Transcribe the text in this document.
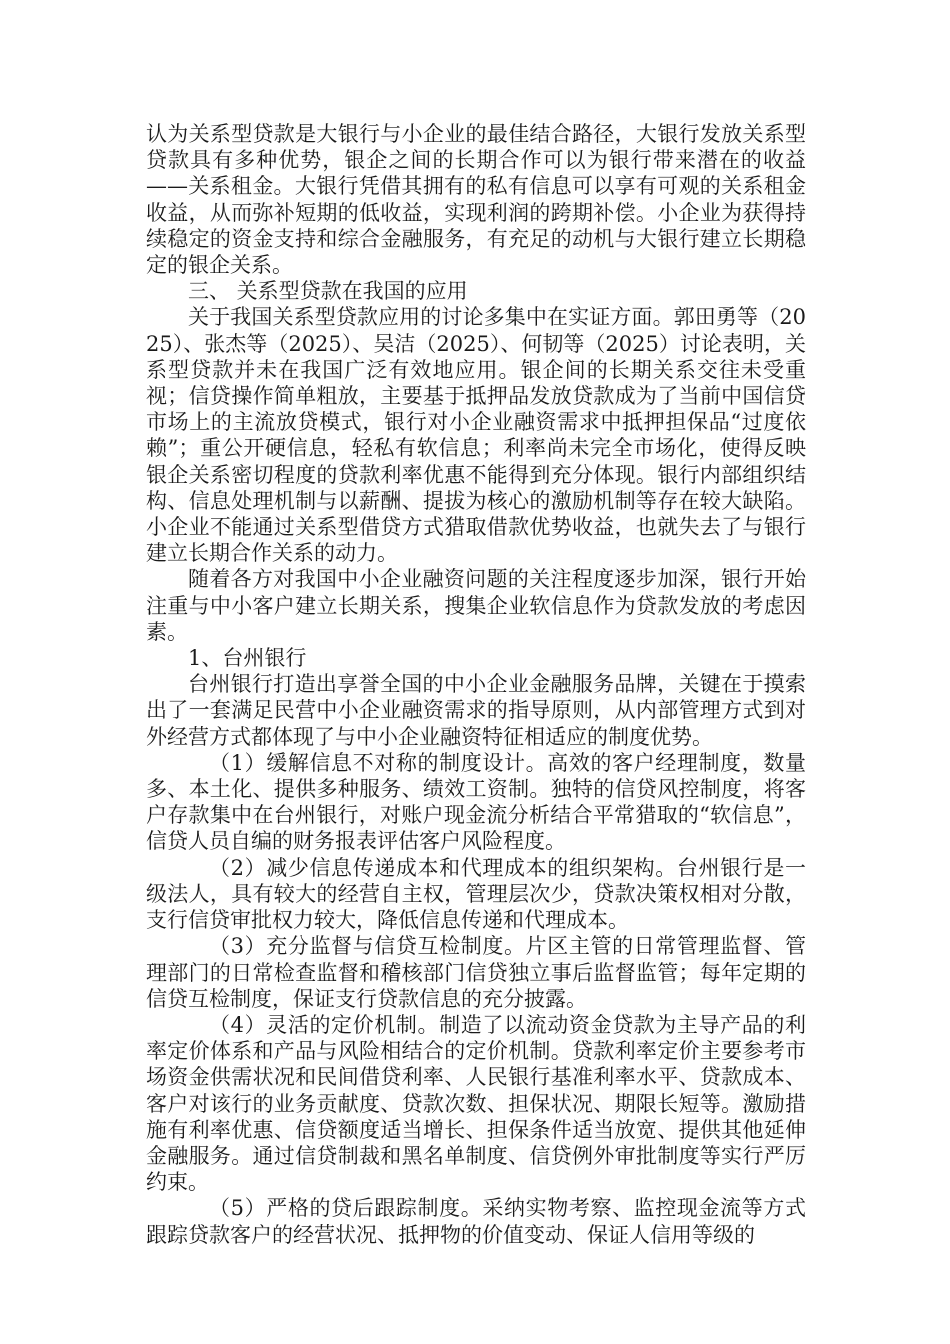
认为关系型贷款是大银行与小企业的最佳结合路径，大银行发放关系型贷款具有多种优势，银企之间的长期合作可以为银行带来潜在的收益——关系租金。大银行凭借其拥有的私有信息可以享有可观的关系租金收益，从而弥补短期的低收益，实现利润的跨期补偿。小企业为获得持续稳定的资金支持和综合金融服务，有充足的动机与大银行建立长期稳定的银企关系。

三、 关系型贷款在我国的应用

关于我国关系型贷款应用的讨论多集中在实证方面。郭田勇等（2025）、张杰等（2025）、吴洁（2025）、何韧等（2025）讨论表明，关系型贷款并未在我国广泛有效地应用。银企间的长期关系交往未受重视；信贷操作简单粗放，主要基于抵押品发放贷款成为了当前中国信贷市场上的主流放贷模式，银行对小企业融资需求中抵押担保品“过度依赖”；重公开硬信息，轻私有软信息；利率尚未完全市场化，使得反映银企关系密切程度的贷款利率优惠不能得到充分体现。银行内部组织结构、信息处理机制与以薪酬、提拔为核心的激励机制等存在较大缺陷。小企业不能通过关系型借贷方式猎取借款优势收益，也就失去了与银行建立长期合作关系的动力。

随着各方对我国中小企业融资问题的关注程度逐步加深，银行开始注重与中小客户建立长期关系，搜集企业软信息作为贷款发放的考虑因素。

1、台州银行

台州银行打造出享誉全国的中小企业金融服务品牌，关键在于摸索出了一套满足民营中小企业融资需求的指导原则，从内部管理方式到对外经营方式都体现了与中小企业融资特征相适应的制度优势。

（1）缓解信息不对称的制度设计。高效的客户经理制度，数量多、本土化、提供多种服务、绩效工资制。独特的信贷风控制度，将客户存款集中在台州银行，对账户现金流分析结合平常猎取的“软信息”，信贷人员自编的财务报表评估客户风险程度。

（2）减少信息传递成本和代理成本的组织架构。台州银行是一级法人，具有较大的经营自主权，管理层次少，贷款决策权相对分散，支行信贷审批权力较大，降低信息传递和代理成本。

（3）充分监督与信贷互检制度。片区主管的日常管理监督、管理部门的日常检查监督和稽核部门信贷独立事后监督监管；每年定期的信贷互检制度，保证支行贷款信息的充分披露。

（4）灵活的定价机制。制造了以流动资金贷款为主导产品的利率定价体系和产品与风险相结合的定价机制。贷款利率定价主要参考市场资金供需状况和民间借贷利率、人民银行基准利率水平、贷款成本、客户对该行的业务贡献度、贷款次数、担保状况、期限长短等。激励措施有利率优惠、信贷额度适当增长、担保条件适当放宽、提供其他延伸金融服务。通过信贷制裁和黑名单制度、信贷例外审批制度等实行严厉约束。

（5）严格的贷后跟踪制度。采纳实物考察、监控现金流等方式跟踪贷款客户的经营状况、抵押物的价值变动、保证人信用等级的
